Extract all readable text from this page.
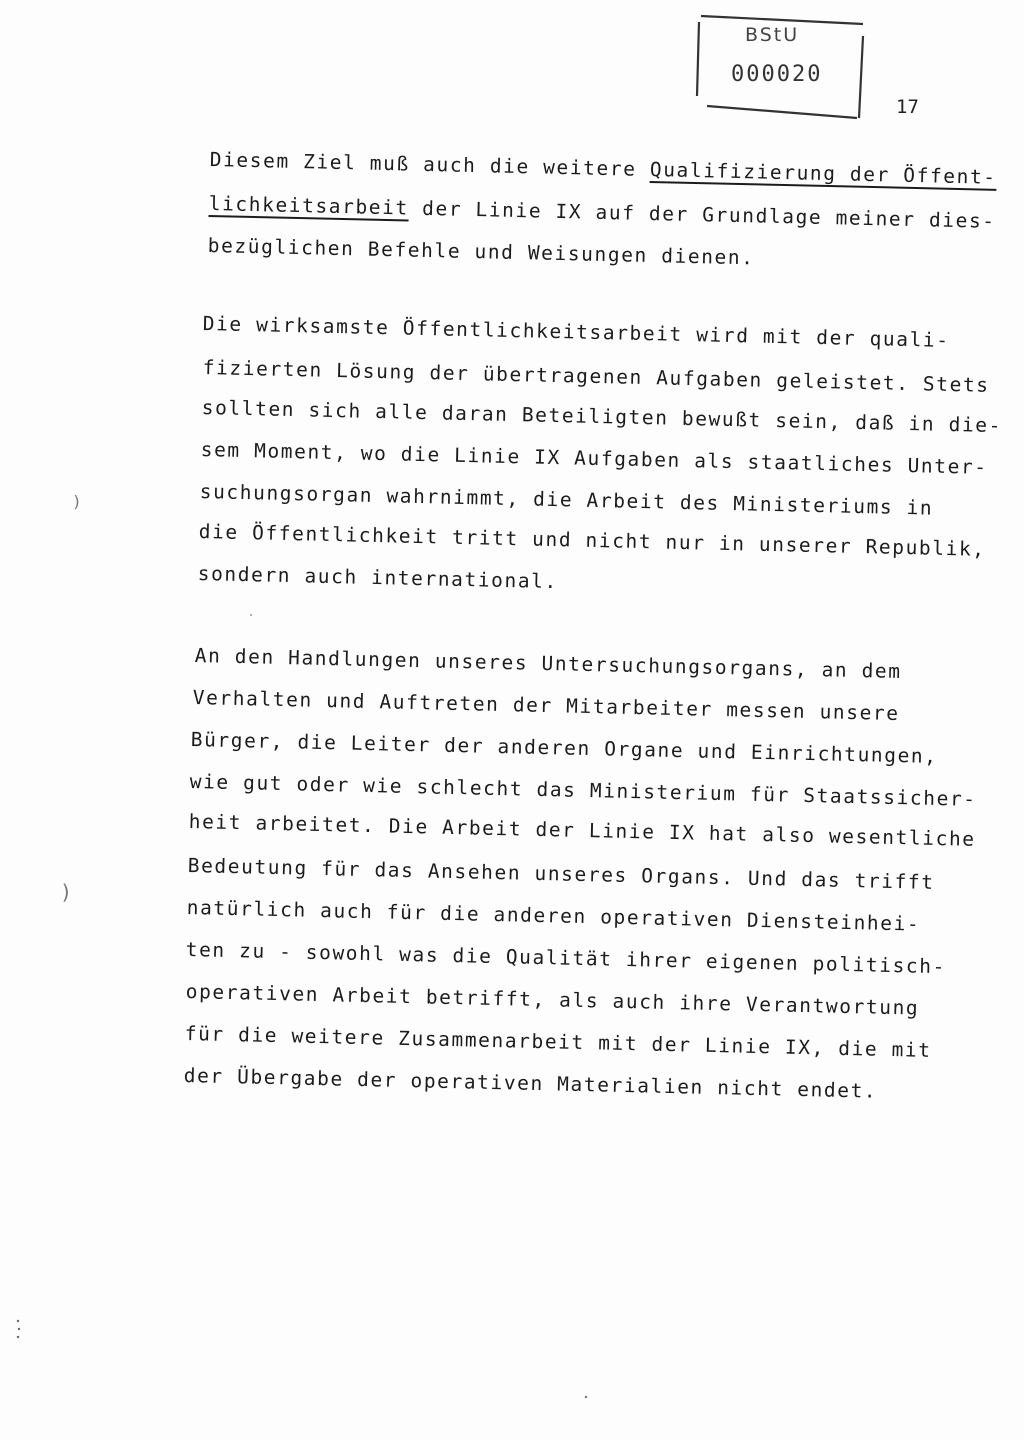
BStU
000020
17
Diesem Ziel muß auch die weitere Qualifizierung der Öffent-
lichkeitsarbeit der Linie IX auf der Grundlage meiner dies-
bezüglichen Befehle und Weisungen dienen.
Die wirksamste Öffentlichkeitsarbeit wird mit der quali-
fizierten Lösung der übertragenen Aufgaben geleistet. Stets
sollten sich alle daran Beteiligten bewußt sein, daß in die-
sem Moment, wo die Linie IX Aufgaben als staatliches Unter-
suchungsorgan wahrnimmt, die Arbeit des Ministeriums in
die Öffentlichkeit tritt und nicht nur in unserer Republik,
sondern auch international.
An den Handlungen unseres Untersuchungsorgans, an dem
Verhalten und Auftreten der Mitarbeiter messen unsere
Bürger, die Leiter der anderen Organe und Einrichtungen,
wie gut oder wie schlecht das Ministerium für Staatssicher-
heit arbeitet. Die Arbeit der Linie IX hat also wesentliche
Bedeutung für das Ansehen unseres Organs. Und das trifft
natürlich auch für die anderen operativen Diensteinhei-
ten zu - sowohl was die Qualität ihrer eigenen politisch-
operativen Arbeit betrifft, als auch ihre Verantwortung
für die weitere Zusammenarbeit mit der Linie IX, die mit
der Übergabe der operativen Materialien nicht endet.
)
)
